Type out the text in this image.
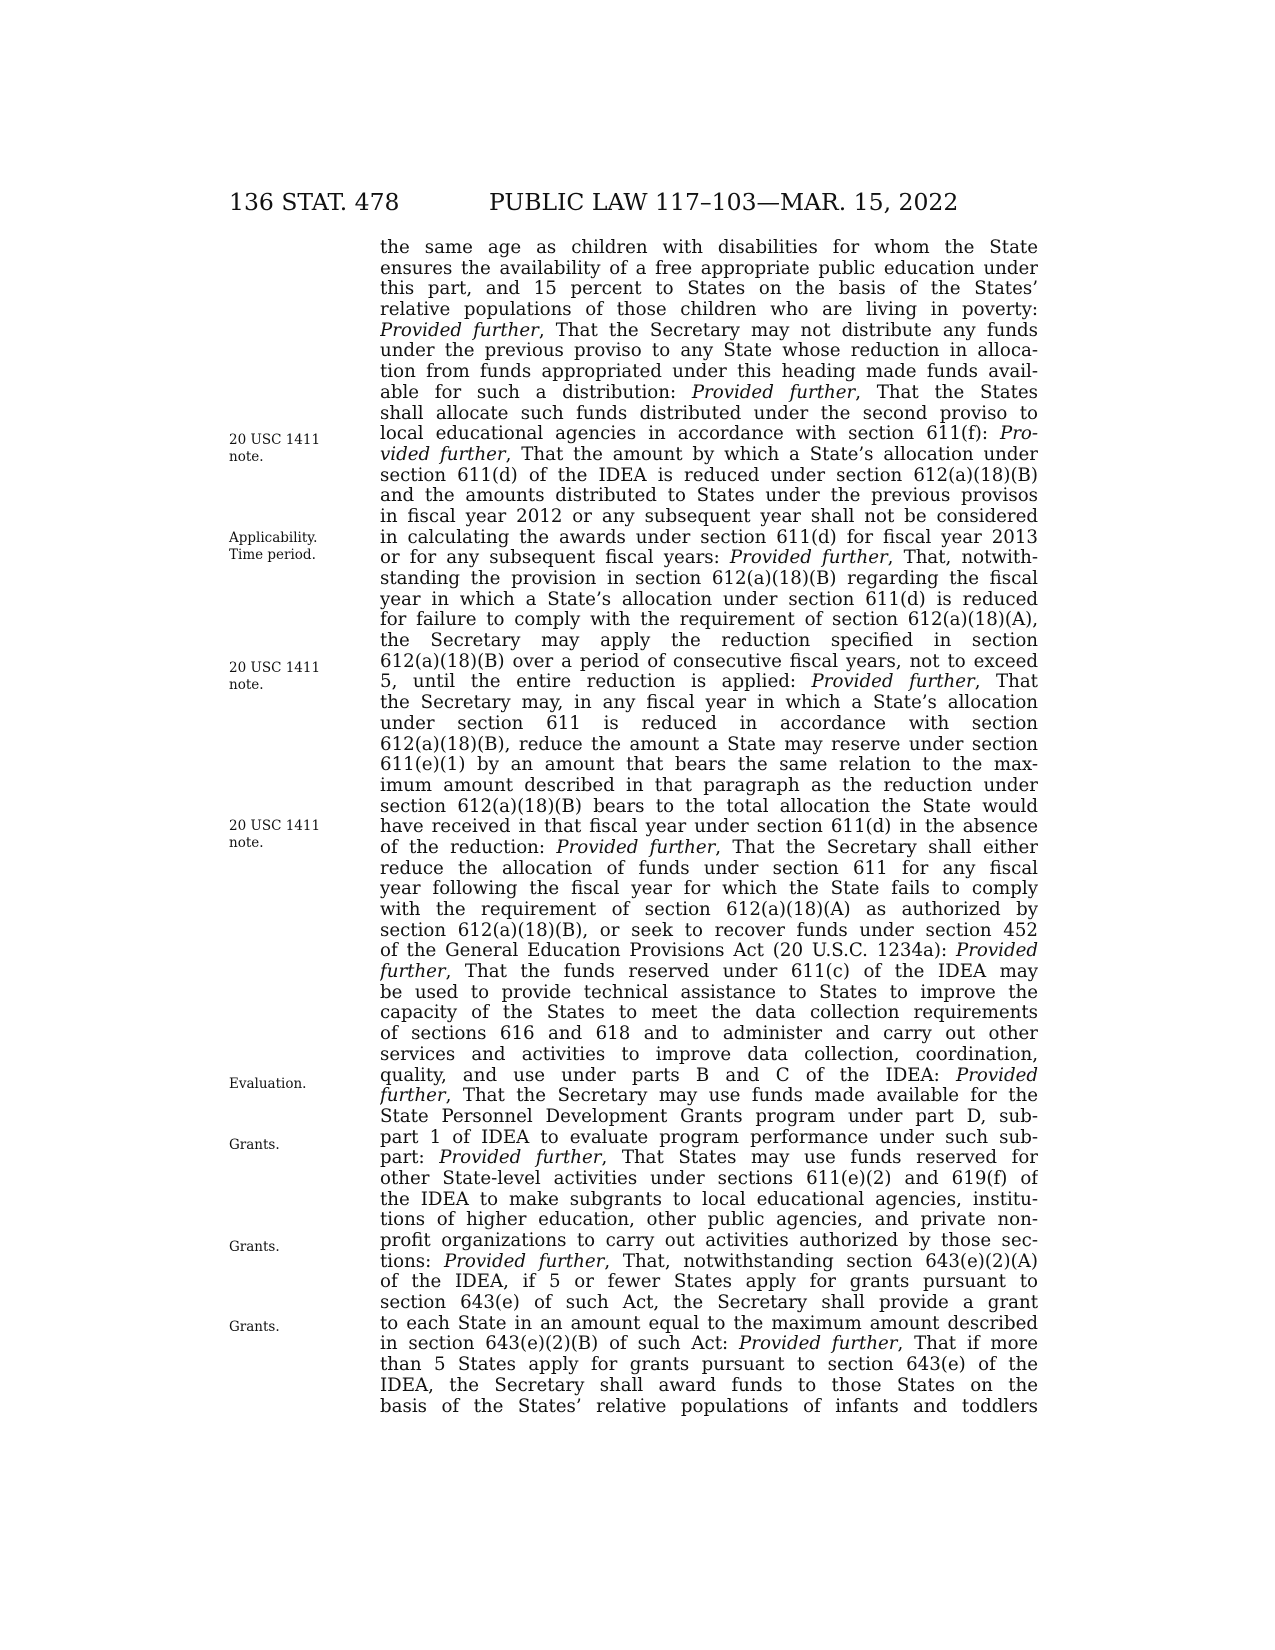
136 STAT. 478	PUBLIC LAW 117–103—MAR. 15, 2022
20 USC 1411
note.
Applicability.
Time period.
20 USC 1411
note.
20 USC 1411
note.
Evaluation.
Grants.
Grants.
Grants.
the same age as children with disabilities for whom the State
ensures the availability of a free appropriate public education under
this part, and 15 percent to States on the basis of the States’
relative populations of those children who are living in poverty:
Provided further, That the Secretary may not distribute any funds
under the previous proviso to any State whose reduction in alloca-
tion from funds appropriated under this heading made funds avail-
able for such a distribution: Provided further, That the States
shall allocate such funds distributed under the second proviso to
local educational agencies in accordance with section 611(f): Pro-
vided further, That the amount by which a State’s allocation under
section 611(d) of the IDEA is reduced under section 612(a)(18)(B)
and the amounts distributed to States under the previous provisos
in fiscal year 2012 or any subsequent year shall not be considered
in calculating the awards under section 611(d) for fiscal year 2013
or for any subsequent fiscal years: Provided further, That, notwith-
standing the provision in section 612(a)(18)(B) regarding the fiscal
year in which a State’s allocation under section 611(d) is reduced
for failure to comply with the requirement of section 612(a)(18)(A),
the Secretary may apply the reduction specified in section
612(a)(18)(B) over a period of consecutive fiscal years, not to exceed
5, until the entire reduction is applied: Provided further, That
the Secretary may, in any fiscal year in which a State’s allocation
under section 611 is reduced in accordance with section
612(a)(18)(B), reduce the amount a State may reserve under section
611(e)(1) by an amount that bears the same relation to the max-
imum amount described in that paragraph as the reduction under
section 612(a)(18)(B) bears to the total allocation the State would
have received in that fiscal year under section 611(d) in the absence
of the reduction: Provided further, That the Secretary shall either
reduce the allocation of funds under section 611 for any fiscal
year following the fiscal year for which the State fails to comply
with the requirement of section 612(a)(18)(A) as authorized by
section 612(a)(18)(B), or seek to recover funds under section 452
of the General Education Provisions Act (20 U.S.C. 1234a): Provided
further, That the funds reserved under 611(c) of the IDEA may
be used to provide technical assistance to States to improve the
capacity of the States to meet the data collection requirements
of sections 616 and 618 and to administer and carry out other
services and activities to improve data collection, coordination,
quality, and use under parts B and C of the IDEA: Provided
further, That the Secretary may use funds made available for the
State Personnel Development Grants program under part D, sub-
part 1 of IDEA to evaluate program performance under such sub-
part: Provided further, That States may use funds reserved for
other State-level activities under sections 611(e)(2) and 619(f) of
the IDEA to make subgrants to local educational agencies, institu-
tions of higher education, other public agencies, and private non-
profit organizations to carry out activities authorized by those sec-
tions: Provided further, That, notwithstanding section 643(e)(2)(A)
of the IDEA, if 5 or fewer States apply for grants pursuant to
section 643(e) of such Act, the Secretary shall provide a grant
to each State in an amount equal to the maximum amount described
in section 643(e)(2)(B) of such Act: Provided further, That if more
than 5 States apply for grants pursuant to section 643(e) of the
IDEA, the Secretary shall award funds to those States on the
basis of the States’ relative populations of infants and toddlers
